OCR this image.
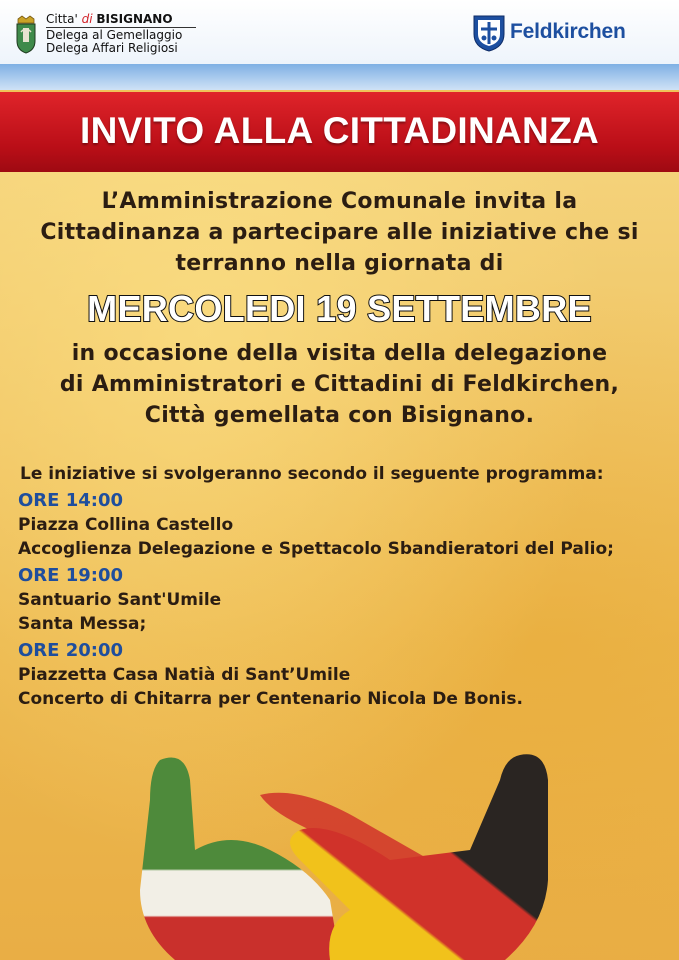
Citta' di BISIGNANO
Delega al Gemellaggio
Delega Affari Religiosi
Feldkirchen
INVITO ALLA CITTADINANZA
L’Amministrazione Comunale invita la
Cittadinanza a partecipare alle iniziative che si
terranno nella giornata di
MERCOLEDI 19 SETTEMBRE
in occasione della visita della delegazione
di Amministratori e Cittadini di Feldkirchen,
Città gemellata con Bisignano.
Le iniziative si svolgeranno secondo il seguente programma:
ORE 14:00
Piazza Collina Castello
Accoglienza Delegazione e Spettacolo Sbandieratori del Palio;
ORE 19:00
Santuario Sant'Umile
Santa Messa;
ORE 20:00
Piazzetta Casa Natià di Sant’Umile
Concerto di Chitarra per Centenario Nicola De Bonis.
